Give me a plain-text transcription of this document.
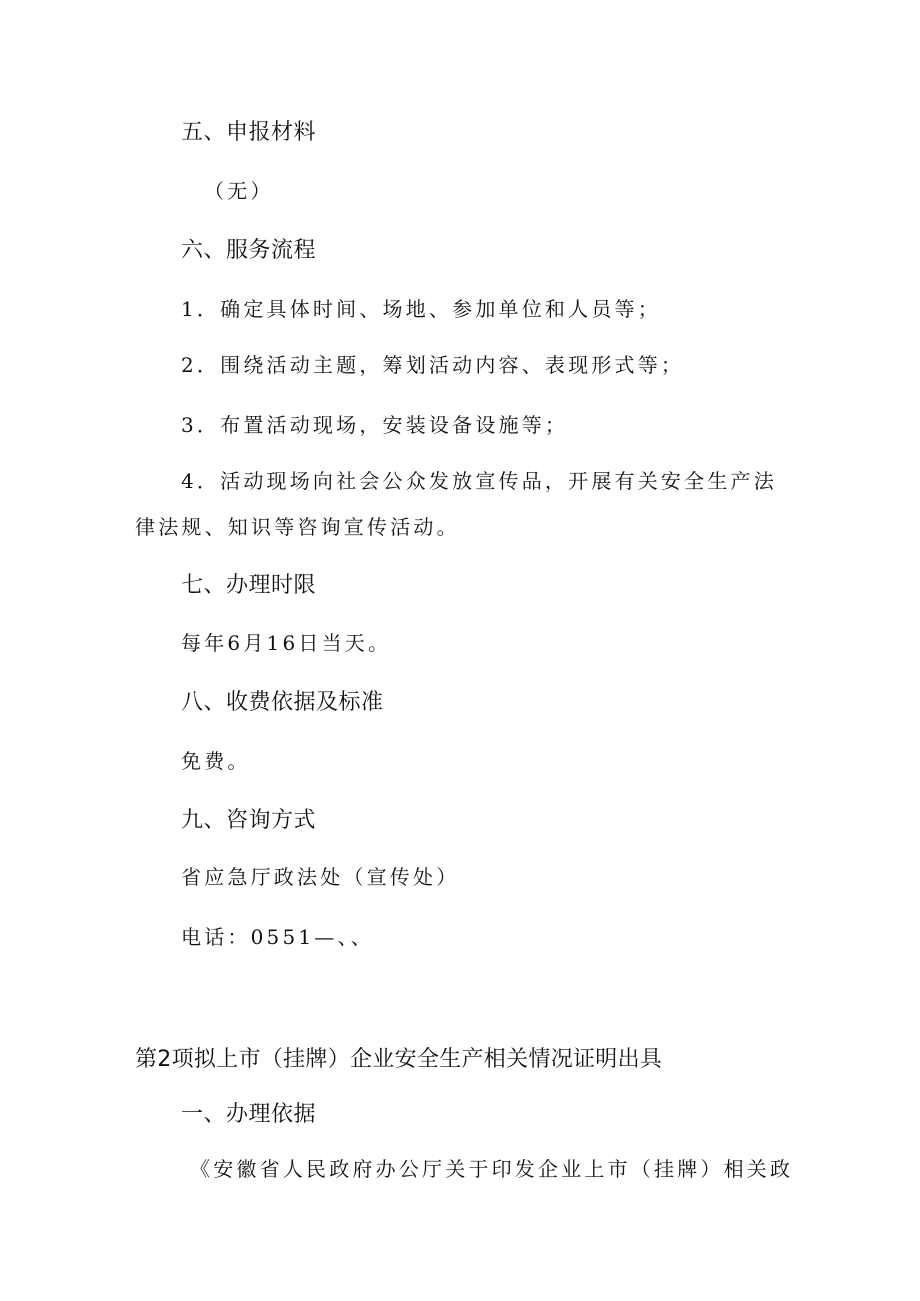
五、申报材料
（无）
六、服务流程
1．确定具体时间、场地、参加单位和人员等；
2．围绕活动主题，筹划活动内容、表现形式等；
3．布置活动现场，安装设备设施等；
4．活动现场向社会公众发放宣传品，开展有关安全生产法
律法规、知识等咨询宣传活动。
七、办理时限
每年6月16日当天。
八、收费依据及标准
免费。
九、咨询方式
省应急厅政法处（宣传处）
电话：0551—、、
第2项拟上市（挂牌）企业安全生产相关情况证明出具
一、办理依据
《安徽省人民政府办公厅关于印发企业上市（挂牌）相关政
